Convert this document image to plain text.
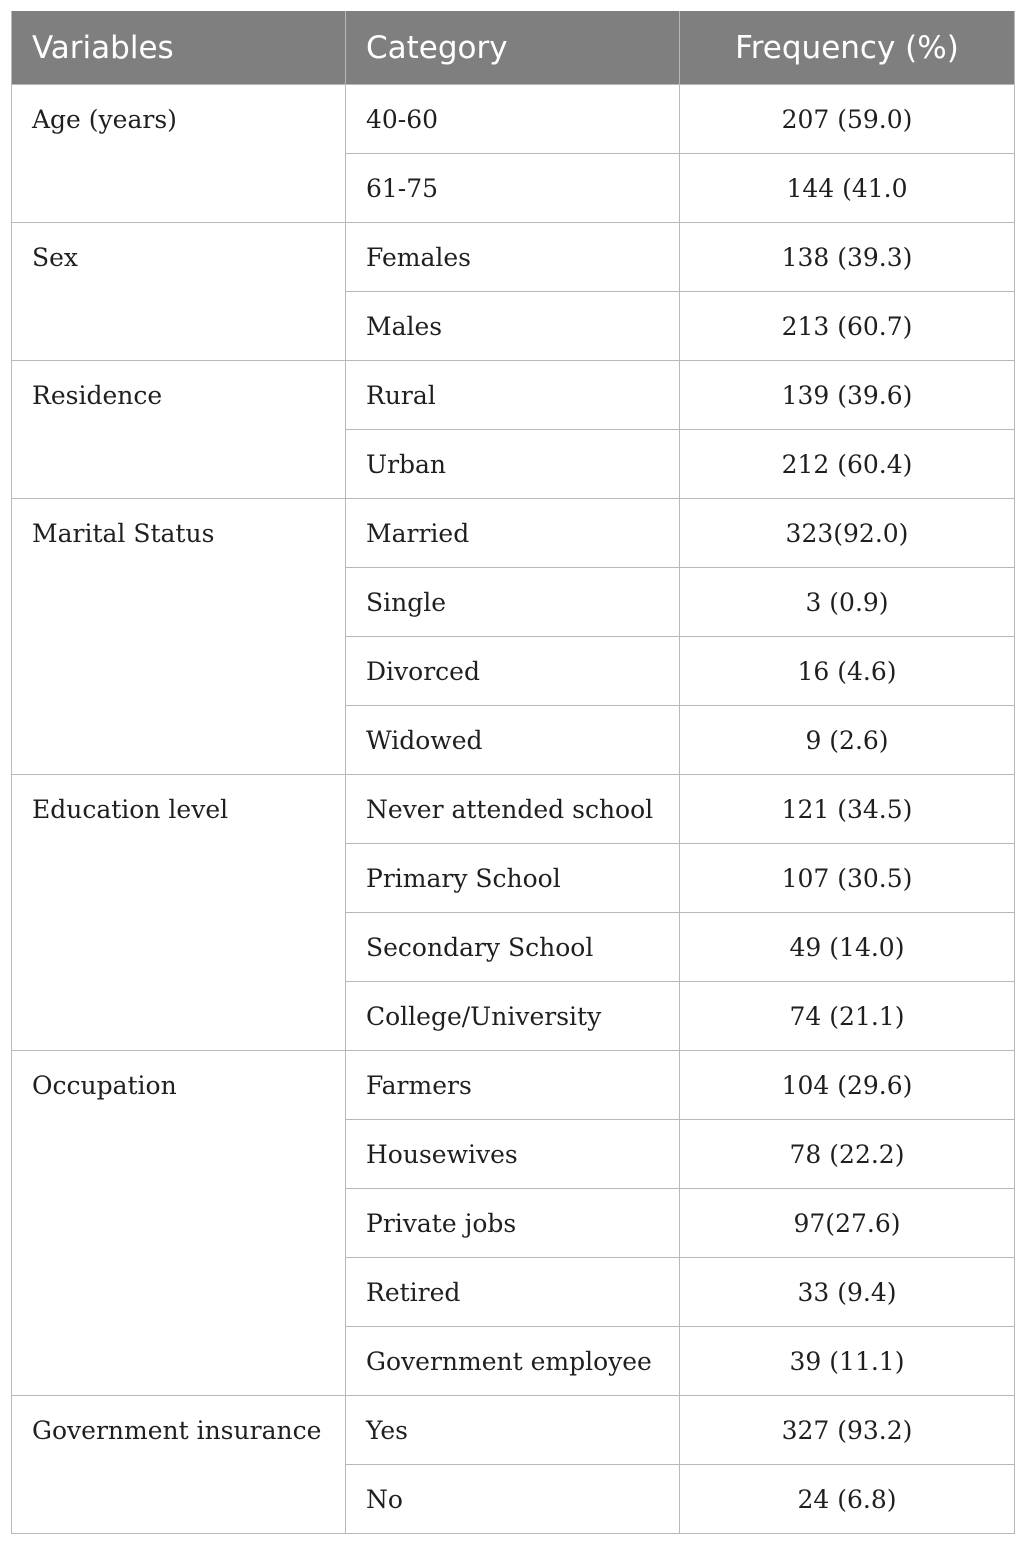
Variables	Category	Frequency (%)
Age (years)	40-60	207 (59.0)
	61-75	144 (41.0
Sex	Females	138 (39.3)
	Males	213 (60.7)
Residence	Rural	139 (39.6)
	Urban	212 (60.4)
Marital Status	Married	323(92.0)
	Single	3 (0.9)
	Divorced	16 (4.6)
	Widowed	9 (2.6)
Education level	Never attended school	121 (34.5)
	Primary School	107 (30.5)
	Secondary School	49 (14.0)
	College/University	74 (21.1)
Occupation	Farmers	104 (29.6)
	Housewives	78 (22.2)
	Private jobs	97(27.6)
	Retired	33 (9.4)
	Government employee	39 (11.1)
Government insurance	Yes	327 (93.2)
	No	24 (6.8)
